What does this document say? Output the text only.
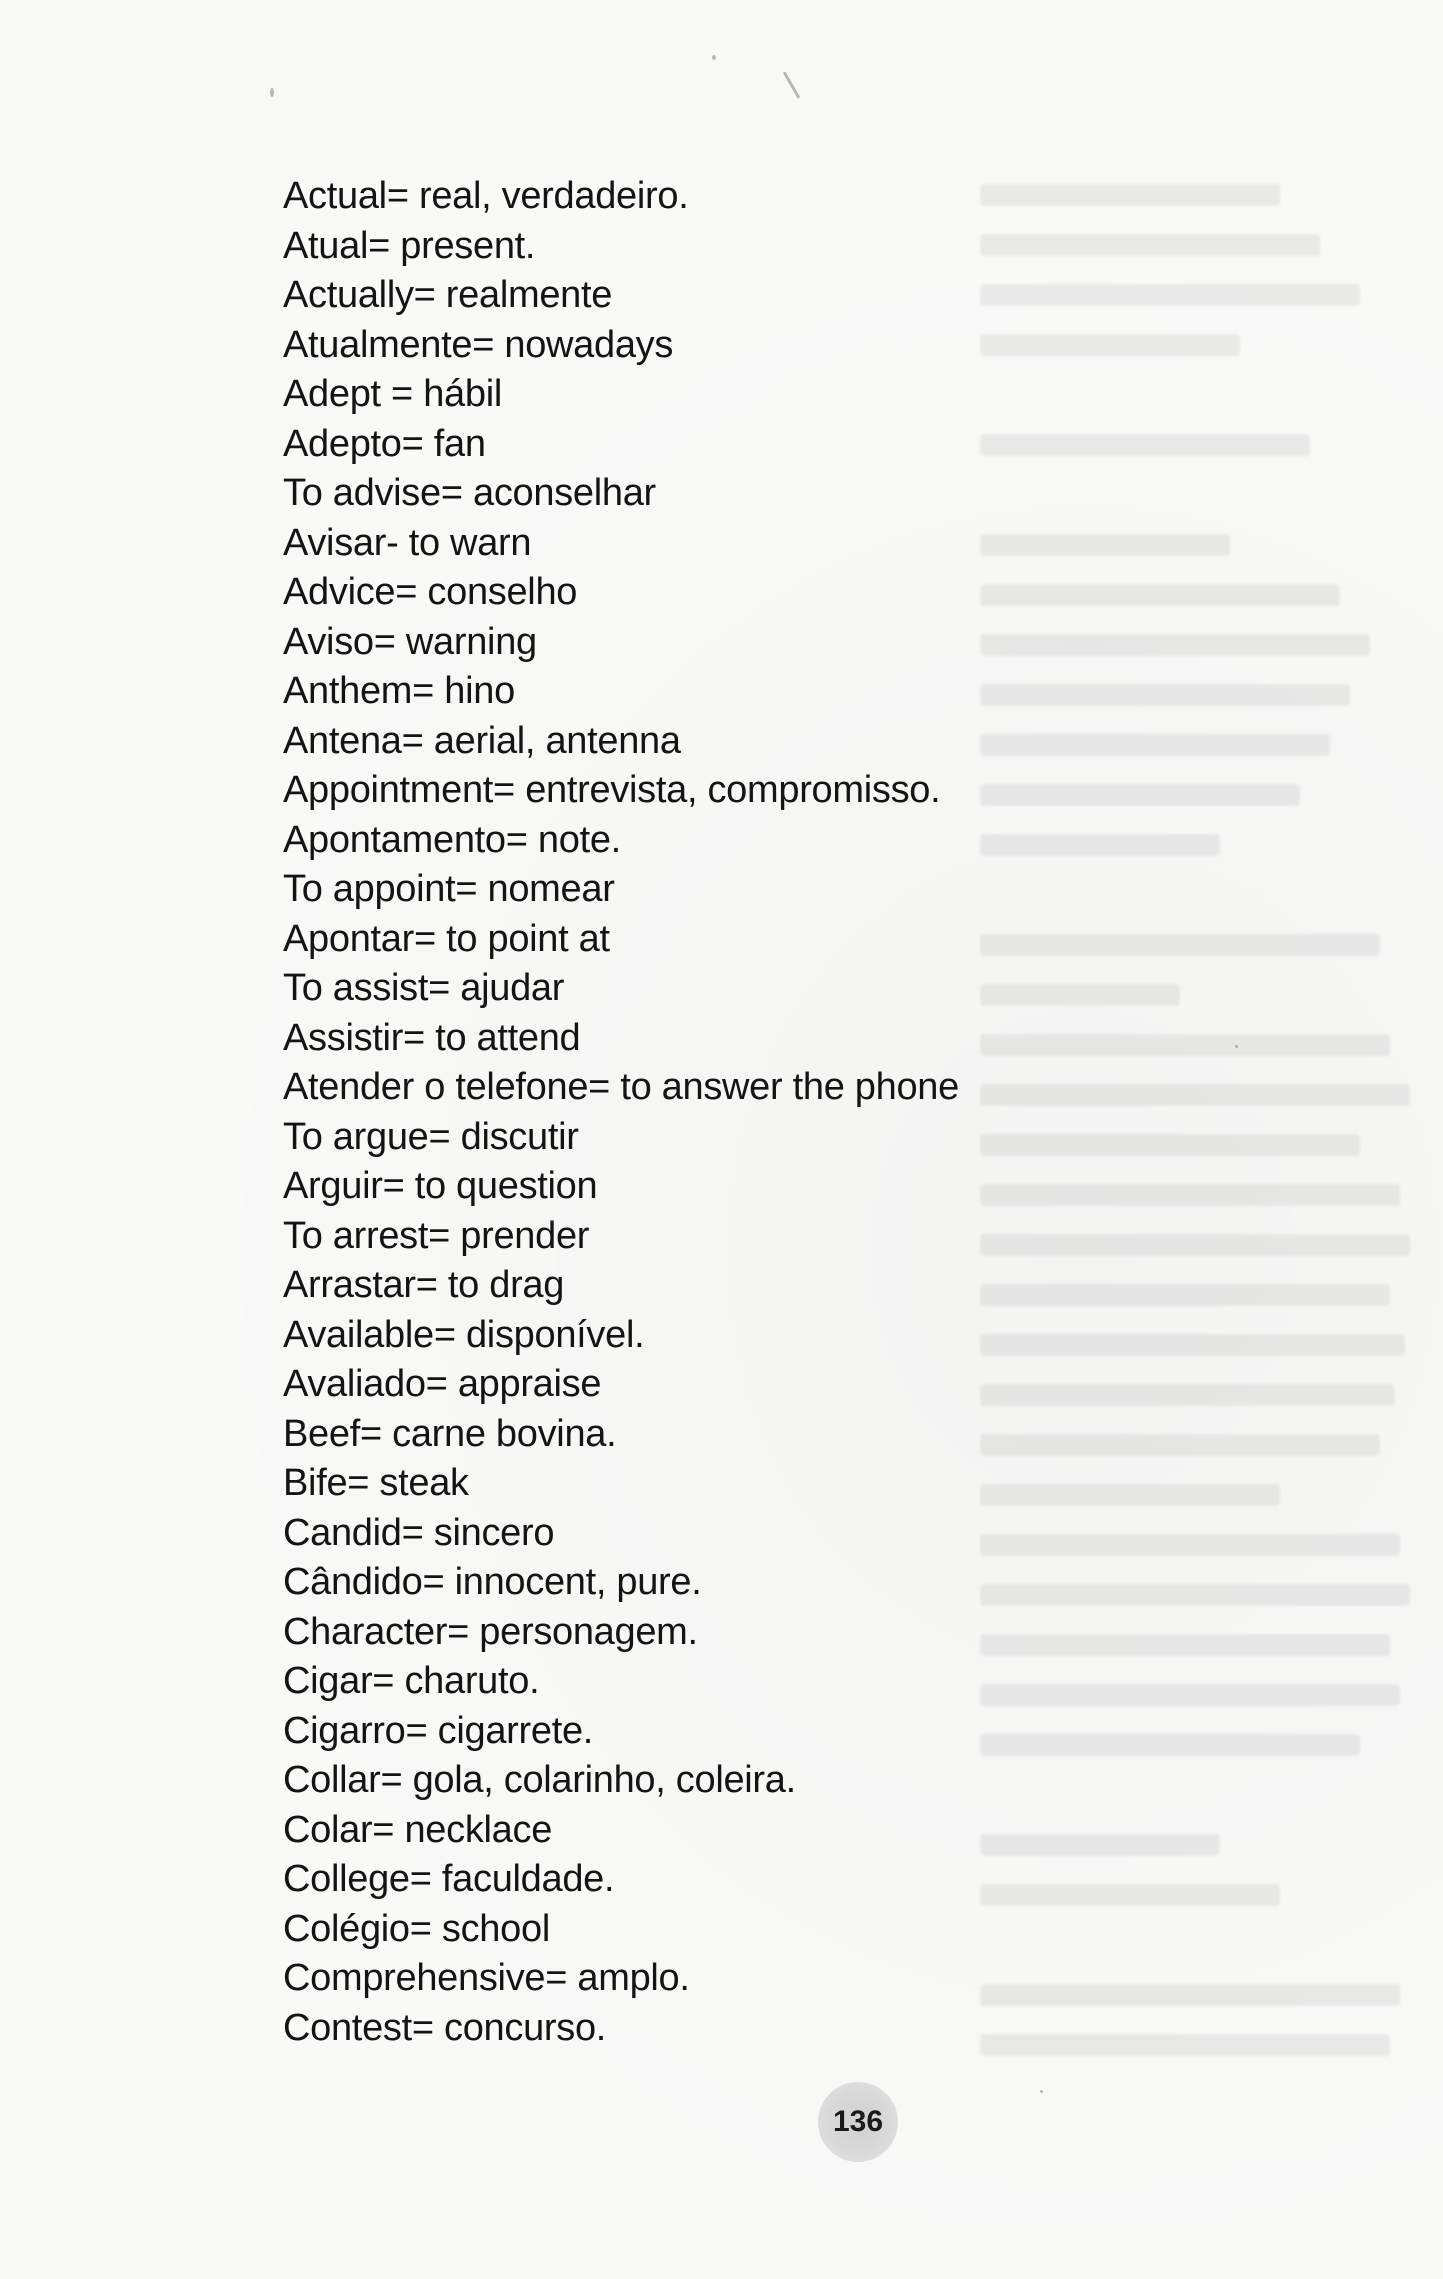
Actual= real, verdadeiro.
Atual= present.
Actually= realmente
Atualmente= nowadays
Adept = hábil
Adepto= fan
To advise= aconselhar
Avisar- to warn
Advice= conselho
Aviso= warning
Anthem= hino
Antena= aerial, antenna
Appointment= entrevista, compromisso.
Apontamento= note.
To appoint= nomear
Apontar= to point at
To assist= ajudar
Assistir= to attend
Atender o telefone= to answer the phone
To argue= discutir
Arguir= to question
To arrest= prender
Arrastar= to drag
Available= disponível.
Avaliado= appraise
Beef= carne bovina.
Bife= steak
Candid= sincero
Cândido= innocent, pure.
Character= personagem.
Cigar= charuto.
Cigarro= cigarrete.
Collar= gola, colarinho, coleira.
Colar= necklace
College= faculdade.
Colégio= school
Comprehensive= amplo.
Contest= concurso.
136
